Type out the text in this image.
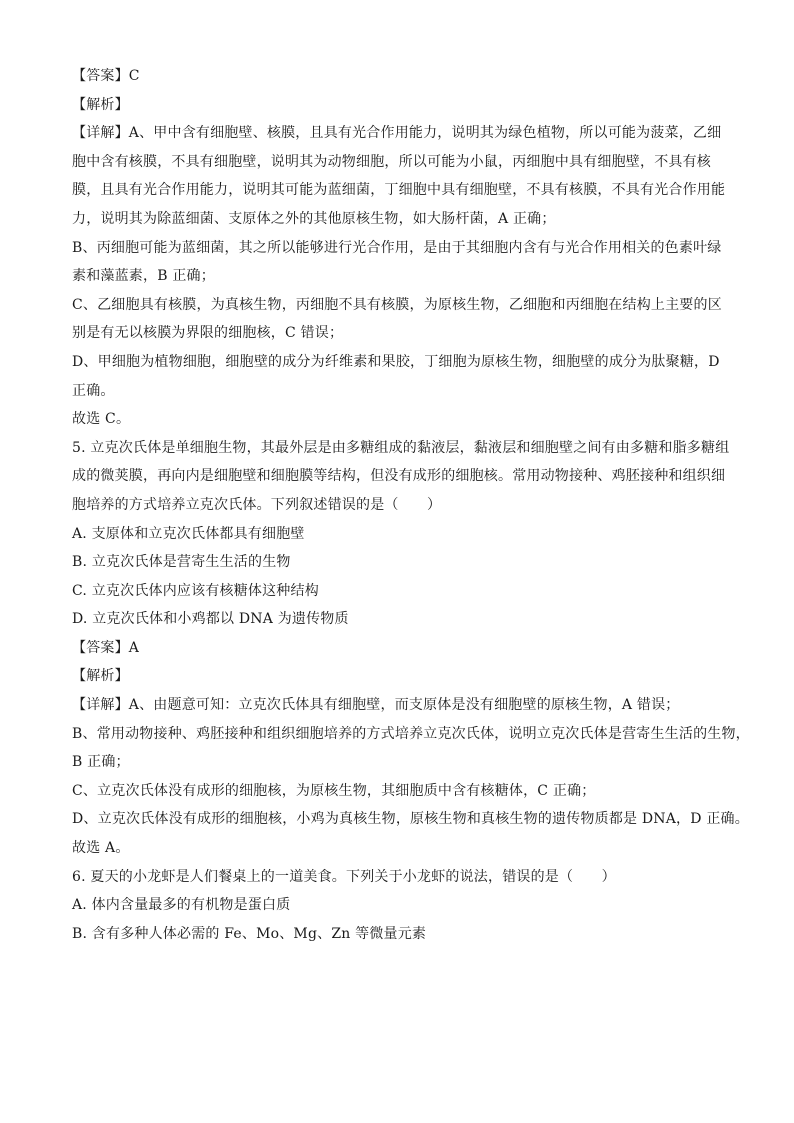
【答案】C
【解析】
【详解】A、甲中含有细胞壁、核膜，且具有光合作用能力，说明其为绿色植物，所以可能为菠菜，乙细
胞中含有核膜，不具有细胞壁，说明其为动物细胞，所以可能为小鼠，丙细胞中具有细胞壁，不具有核
膜，且具有光合作用能力，说明其可能为蓝细菌，丁细胞中具有细胞壁，不具有核膜，不具有光合作用能
力，说明其为除蓝细菌、支原体之外的其他原核生物，如大肠杆菌，A 正确；
B、丙细胞可能为蓝细菌，其之所以能够进行光合作用，是由于其细胞内含有与光合作用相关的色素叶绿
素和藻蓝素，B 正确；
C、乙细胞具有核膜，为真核生物，丙细胞不具有核膜，为原核生物，乙细胞和丙细胞在结构上主要的区
别是有无以核膜为界限的细胞核，C 错误；
D、甲细胞为植物细胞，细胞壁的成分为纤维素和果胶，丁细胞为原核生物，细胞壁的成分为肽聚糖，D
正确。
故选 C。
5. 立克次氏体是单细胞生物，其最外层是由多糖组成的黏液层，黏液层和细胞壁之间有由多糖和脂多糖组
成的微荚膜，再向内是细胞壁和细胞膜等结构，但没有成形的细胞核。常用动物接种、鸡胚接种和组织细
胞培养的方式培养立克次氏体。下列叙述错误的是（　　）
A. 支原体和立克次氏体都具有细胞壁
B. 立克次氏体是营寄生生活的生物
C. 立克次氏体内应该有核糖体这种结构
D. 立克次氏体和小鸡都以 DNA 为遗传物质
【答案】A
【解析】
【详解】A、由题意可知：立克次氏体具有细胞壁，而支原体是没有细胞壁的原核生物，A 错误；
B、常用动物接种、鸡胚接种和组织细胞培养的方式培养立克次氏体，说明立克次氏体是营寄生生活的生物，
B 正确；
C、立克次氏体没有成形的细胞核，为原核生物，其细胞质中含有核糖体，C 正确；
D、立克次氏体没有成形的细胞核，小鸡为真核生物，原核生物和真核生物的遗传物质都是 DNA，D 正确。
故选 A。
6. 夏天的小龙虾是人们餐桌上的一道美食。下列关于小龙虾的说法，错误的是（　　）
A. 体内含量最多的有机物是蛋白质
B. 含有多种人体必需的 Fe、Mo、Mg、Zn 等微量元素
